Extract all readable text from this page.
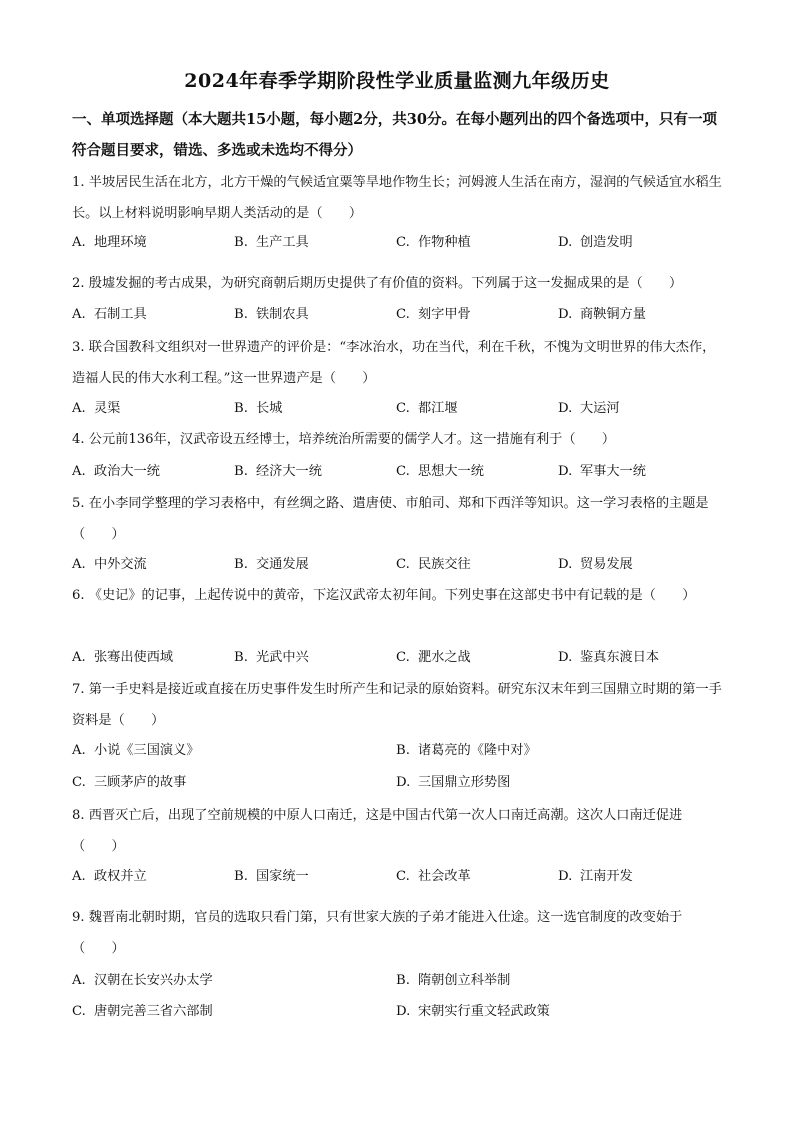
2024年春季学期阶段性学业质量监测九年级历史
一、单项选择题（本大题共15小题，每小题2分，共30分。在每小题列出的四个备选项中，只有一项符合题目要求，错选、多选或未选均不得分）
1. 半坡居民生活在北方，北方干燥的气候适宜粟等旱地作物生长；河姆渡人生活在南方，湿润的气候适宜水稻生长。以上材料说明影响早期人类活动的是（　　）
A. 地理环境	B. 生产工具	C. 作物种植	D. 创造发明
2. 殷墟发掘的考古成果，为研究商朝后期历史提供了有价值的资料。下列属于这一发掘成果的是（　　）
A. 石制工具	B. 铁制农具	C. 刻字甲骨	D. 商鞅铜方量
3. 联合国教科文组织对一世界遗产的评价是：“李冰治水，功在当代，利在千秋，不愧为文明世界的伟大杰作，造福人民的伟大水利工程。”这一世界遗产是（　　）
A. 灵渠	B. 长城	C. 都江堰	D. 大运河
4. 公元前136年，汉武帝设五经博士，培养统治所需要的儒学人才。这一措施有利于（　　）
A. 政治大一统	B. 经济大一统	C. 思想大一统	D. 军事大一统
5. 在小李同学整理的学习表格中，有丝绸之路、遣唐使、市舶司、郑和下西洋等知识。这一学习表格的主题是（　　）
A. 中外交流	B. 交通发展	C. 民族交往	D. 贸易发展
6. 《史记》的记事，上起传说中的黄帝，下迄汉武帝太初年间。下列史事在这部史书中有记载的是（　　）
A. 张骞出使西域	B. 光武中兴	C. 淝水之战	D. 鉴真东渡日本
7. 第一手史料是接近或直接在历史事件发生时所产生和记录的原始资料。研究东汉末年到三国鼎立时期的第一手资料是（　　）
A. 小说《三国演义》	B. 诸葛亮的《隆中对》
C. 三顾茅庐的故事	D. 三国鼎立形势图
8. 西晋灭亡后，出现了空前规模的中原人口南迁，这是中国古代第一次人口南迁高潮。这次人口南迁促进（　　）
A. 政权并立	B. 国家统一	C. 社会改革	D. 江南开发
9. 魏晋南北朝时期，官员的选取只看门第，只有世家大族的子弟才能进入仕途。这一选官制度的改变始于（　　）
A. 汉朝在长安兴办太学	B. 隋朝创立科举制
C. 唐朝完善三省六部制	D. 宋朝实行重文轻武政策
